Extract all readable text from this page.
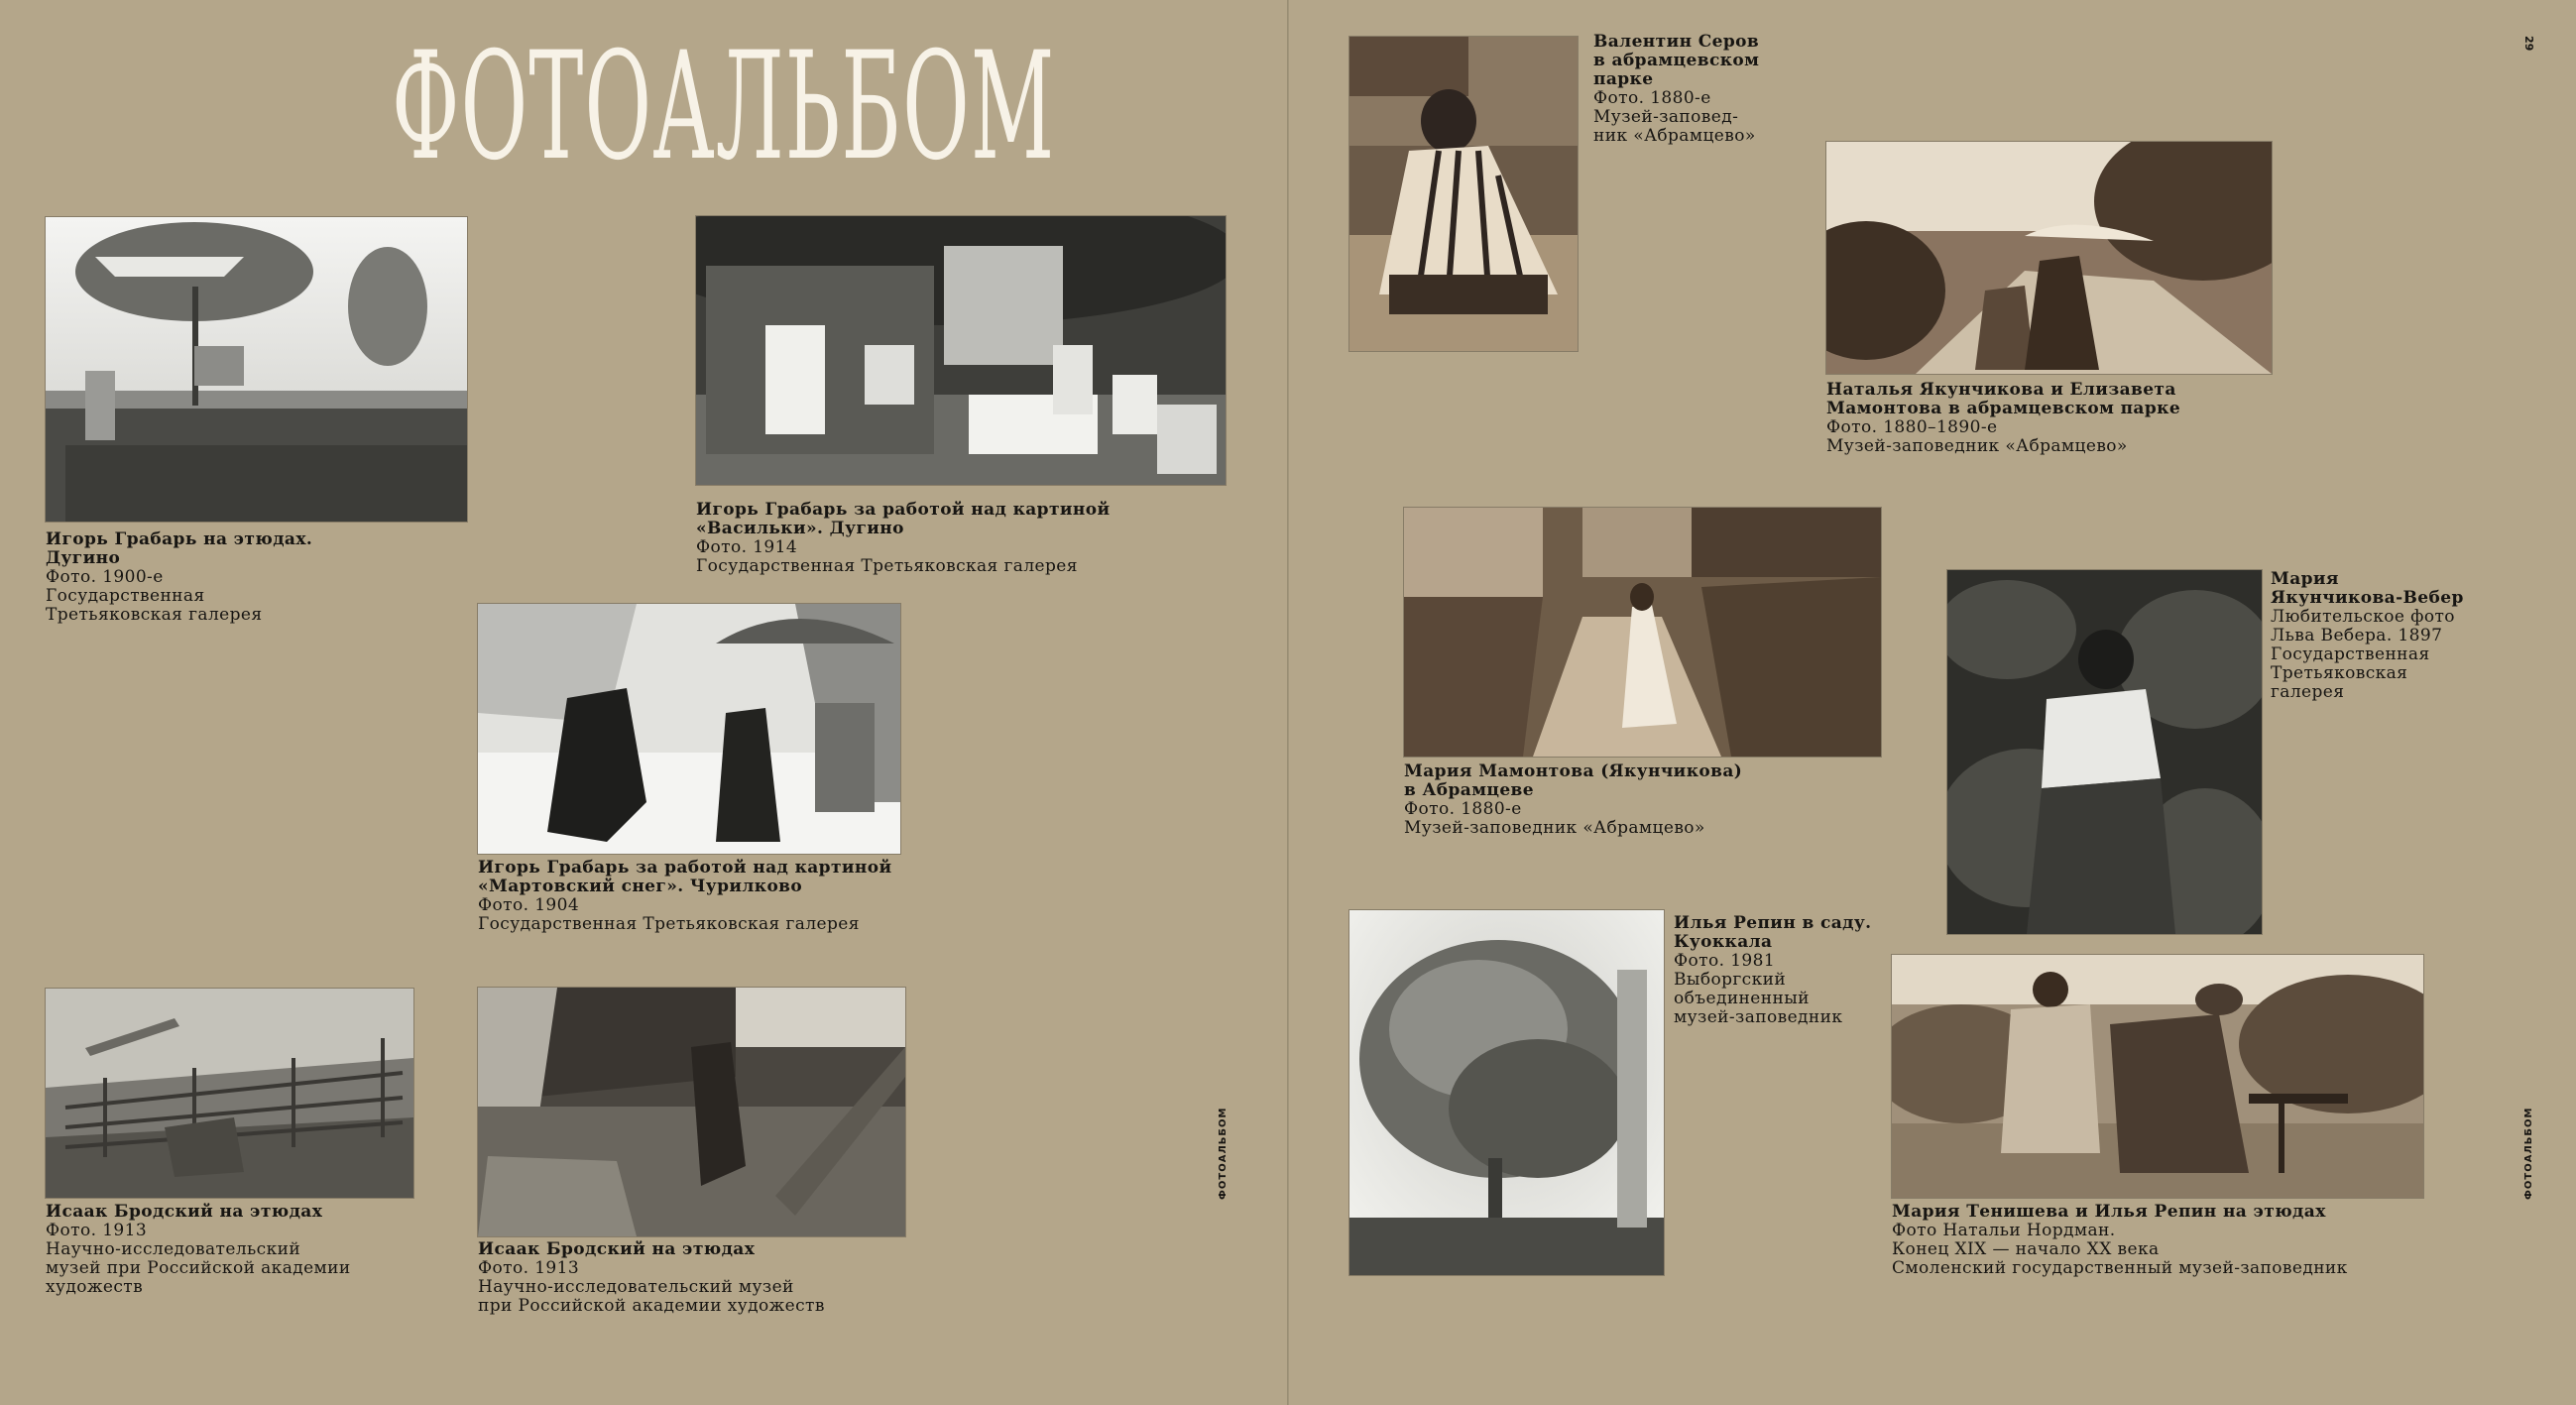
ФОТОАЛЬБОМ
Игорь Грабарь на этюдах.
Дугино
Фото. 1900-е
Государственная
Третьяковская галерея
Игорь Грабарь за работой над картиной
«Васильки». Дугино
Фото. 1914
Государственная Третьяковская галерея
Игорь Грабарь за работой над картиной
«Мартовский снег». Чурилково
Фото. 1904
Государственная Третьяковская галерея
Исаак Бродский на этюдах
Фото. 1913
Научно-исследовательский
музей при Российской академии
художеств
Исаак Бродский на этюдах
Фото. 1913
Научно-исследовательский музей
при Российской академии художеств
ФОТОАЛЬБОМ
Валентин Серов
в абрамцевском
парке
Фото. 1880-е
Музей-заповед-
ник «Абрамцево»
Наталья Якунчикова и Елизавета
Мамонтова в абрамцевском парке
Фото. 1880–1890-е
Музей-заповедник «Абрамцево»
Мария Мамонтова (Якунчикова)
в Абрамцеве
Фото. 1880-е
Музей-заповедник «Абрамцево»
Мария
Якунчикова-Вебер
Любительское фото
Льва Вебера. 1897
Государственная
Третьяковская
галерея
Илья Репин в саду.
Куоккала
Фото. 1981
Выборгский
объединенный
музей-заповедник
Мария Тенишева и Илья Репин на этюдах
Фото Натальи Нордман.
Конец XIX — начало XX века
Смоленский государственный музей-заповедник
ФОТОАЛЬБОМ
29
